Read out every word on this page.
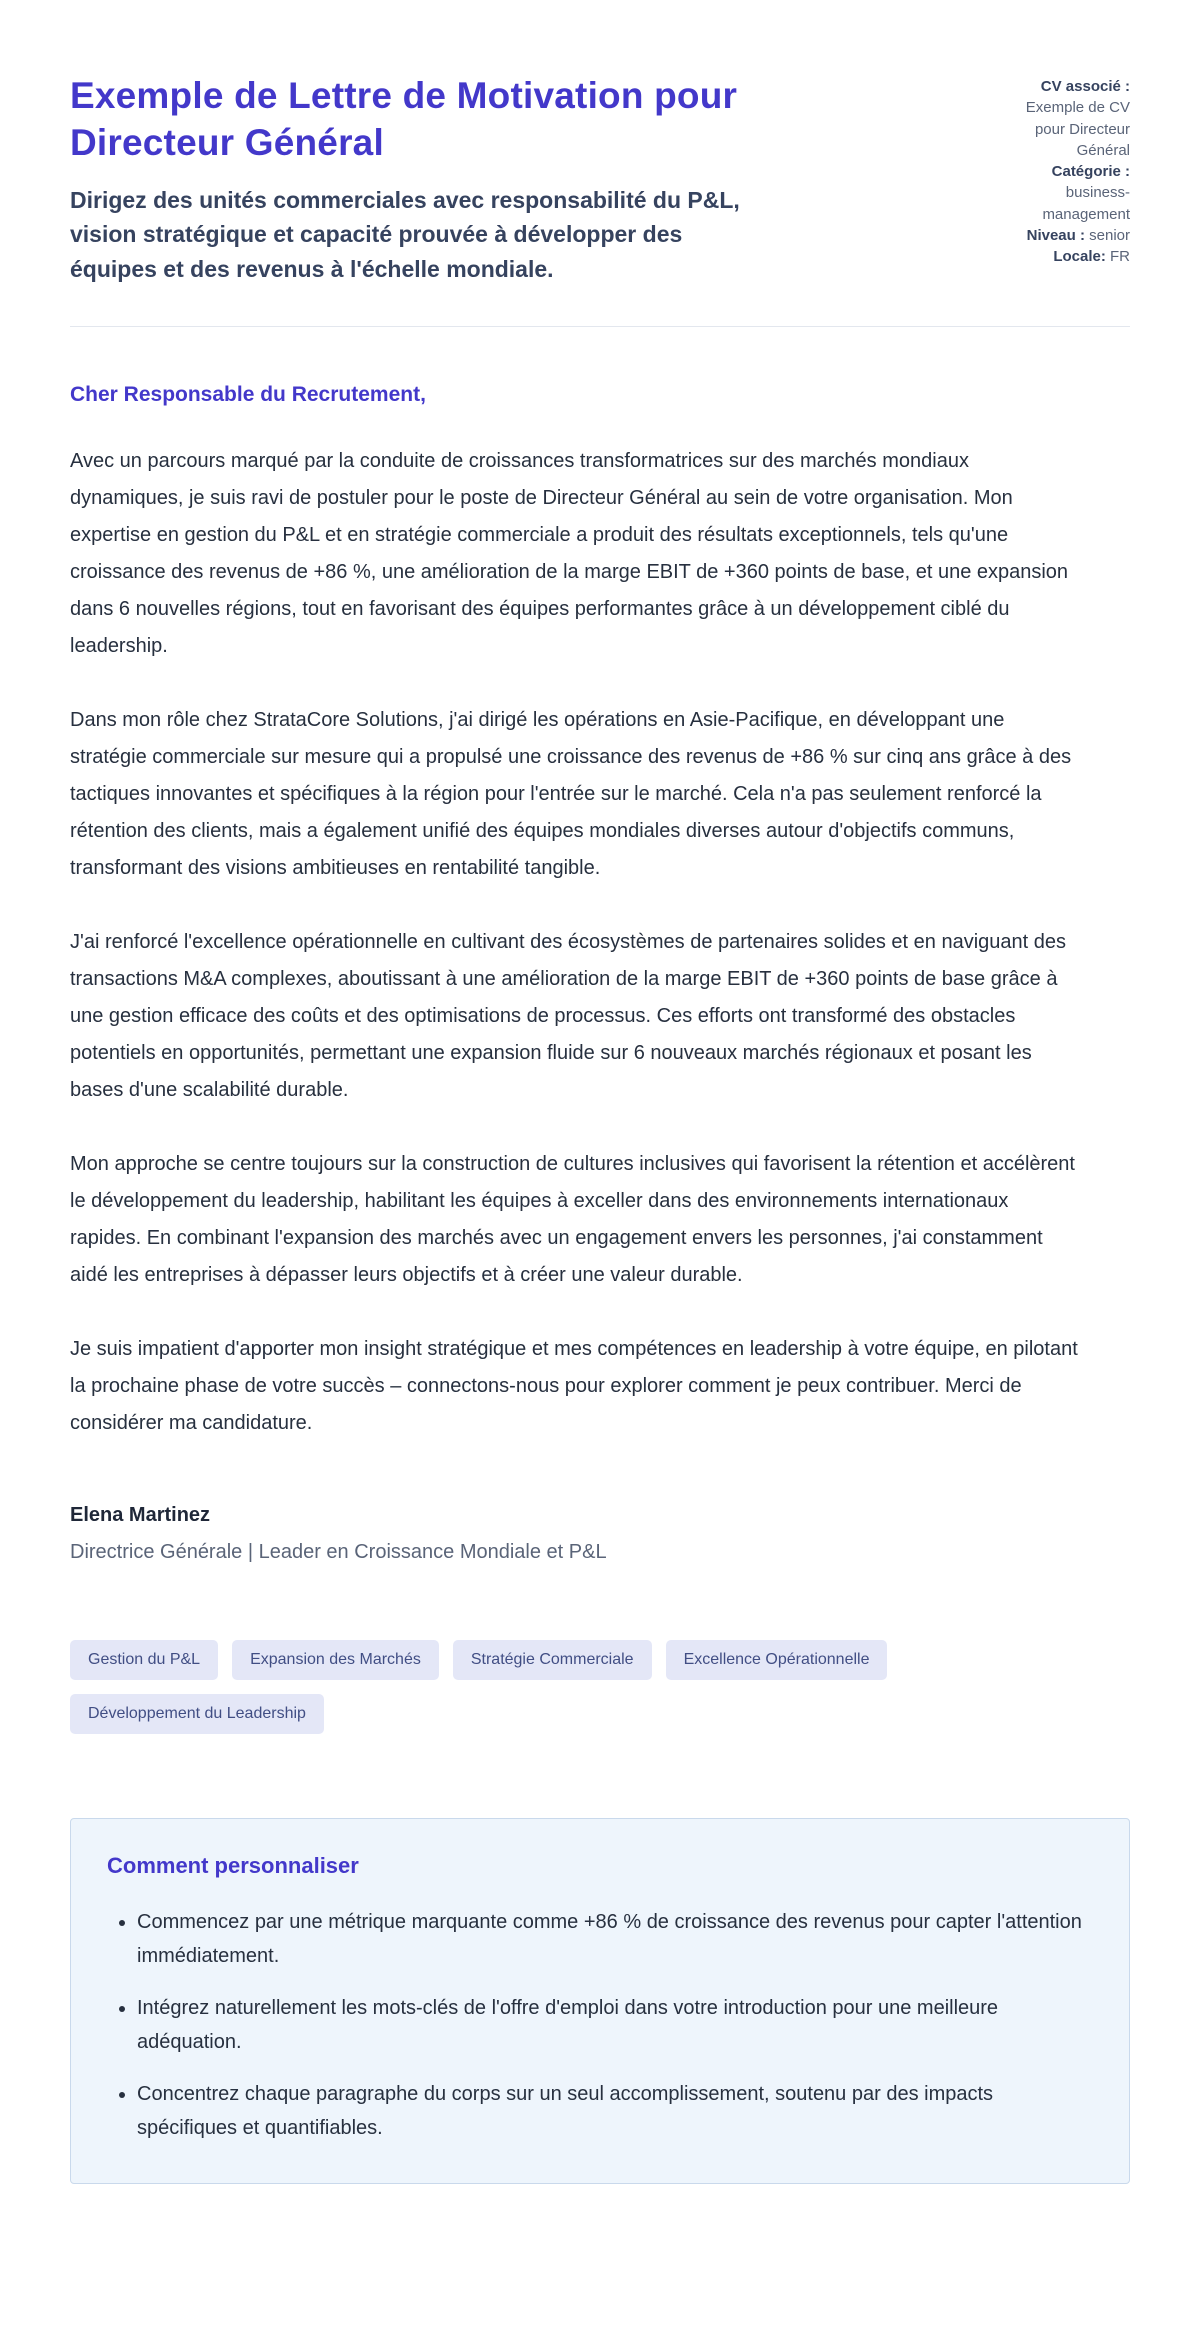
Exemple de Lettre de Motivation pour Directeur Général

Dirigez des unités commerciales avec responsabilité du P&L, vision stratégique et capacité prouvée à développer des équipes et des revenus à l'échelle mondiale.

CV associé : Exemple de CV pour Directeur Général
Catégorie : business-management
Niveau : senior
Locale: FR

Cher Responsable du Recrutement,

Avec un parcours marqué par la conduite de croissances transformatrices sur des marchés mondiaux dynamiques, je suis ravi de postuler pour le poste de Directeur Général au sein de votre organisation. Mon expertise en gestion du P&L et en stratégie commerciale a produit des résultats exceptionnels, tels qu'une croissance des revenus de +86 %, une amélioration de la marge EBIT de +360 points de base, et une expansion dans 6 nouvelles régions, tout en favorisant des équipes performantes grâce à un développement ciblé du leadership.

Dans mon rôle chez StrataCore Solutions, j'ai dirigé les opérations en Asie-Pacifique, en développant une stratégie commerciale sur mesure qui a propulsé une croissance des revenus de +86 % sur cinq ans grâce à des tactiques innovantes et spécifiques à la région pour l'entrée sur le marché. Cela n'a pas seulement renforcé la rétention des clients, mais a également unifié des équipes mondiales diverses autour d'objectifs communs, transformant des visions ambitieuses en rentabilité tangible.

J'ai renforcé l'excellence opérationnelle en cultivant des écosystèmes de partenaires solides et en naviguant des transactions M&A complexes, aboutissant à une amélioration de la marge EBIT de +360 points de base grâce à une gestion efficace des coûts et des optimisations de processus. Ces efforts ont transformé des obstacles potentiels en opportunités, permettant une expansion fluide sur 6 nouveaux marchés régionaux et posant les bases d'une scalabilité durable.

Mon approche se centre toujours sur la construction de cultures inclusives qui favorisent la rétention et accélèrent le développement du leadership, habilitant les équipes à exceller dans des environnements internationaux rapides. En combinant l'expansion des marchés avec un engagement envers les personnes, j'ai constamment aidé les entreprises à dépasser leurs objectifs et à créer une valeur durable.

Je suis impatient d'apporter mon insight stratégique et mes compétences en leadership à votre équipe, en pilotant la prochaine phase de votre succès – connectons-nous pour explorer comment je peux contribuer. Merci de considérer ma candidature.

Elena Martinez

Directrice Générale | Leader en Croissance Mondiale et P&L

Gestion du P&L	Expansion des Marchés	Stratégie Commerciale	Excellence Opérationnelle
Développement du Leadership
Comment personnaliser
• Commencez par une métrique marquante comme +86 % de croissance des revenus pour capter l'attention immédiatement.
• Intégrez naturellement les mots-clés de l'offre d'emploi dans votre introduction pour une meilleure adéquation.
• Concentrez chaque paragraphe du corps sur un seul accomplissement, soutenu par des impacts spécifiques et quantifiables.
